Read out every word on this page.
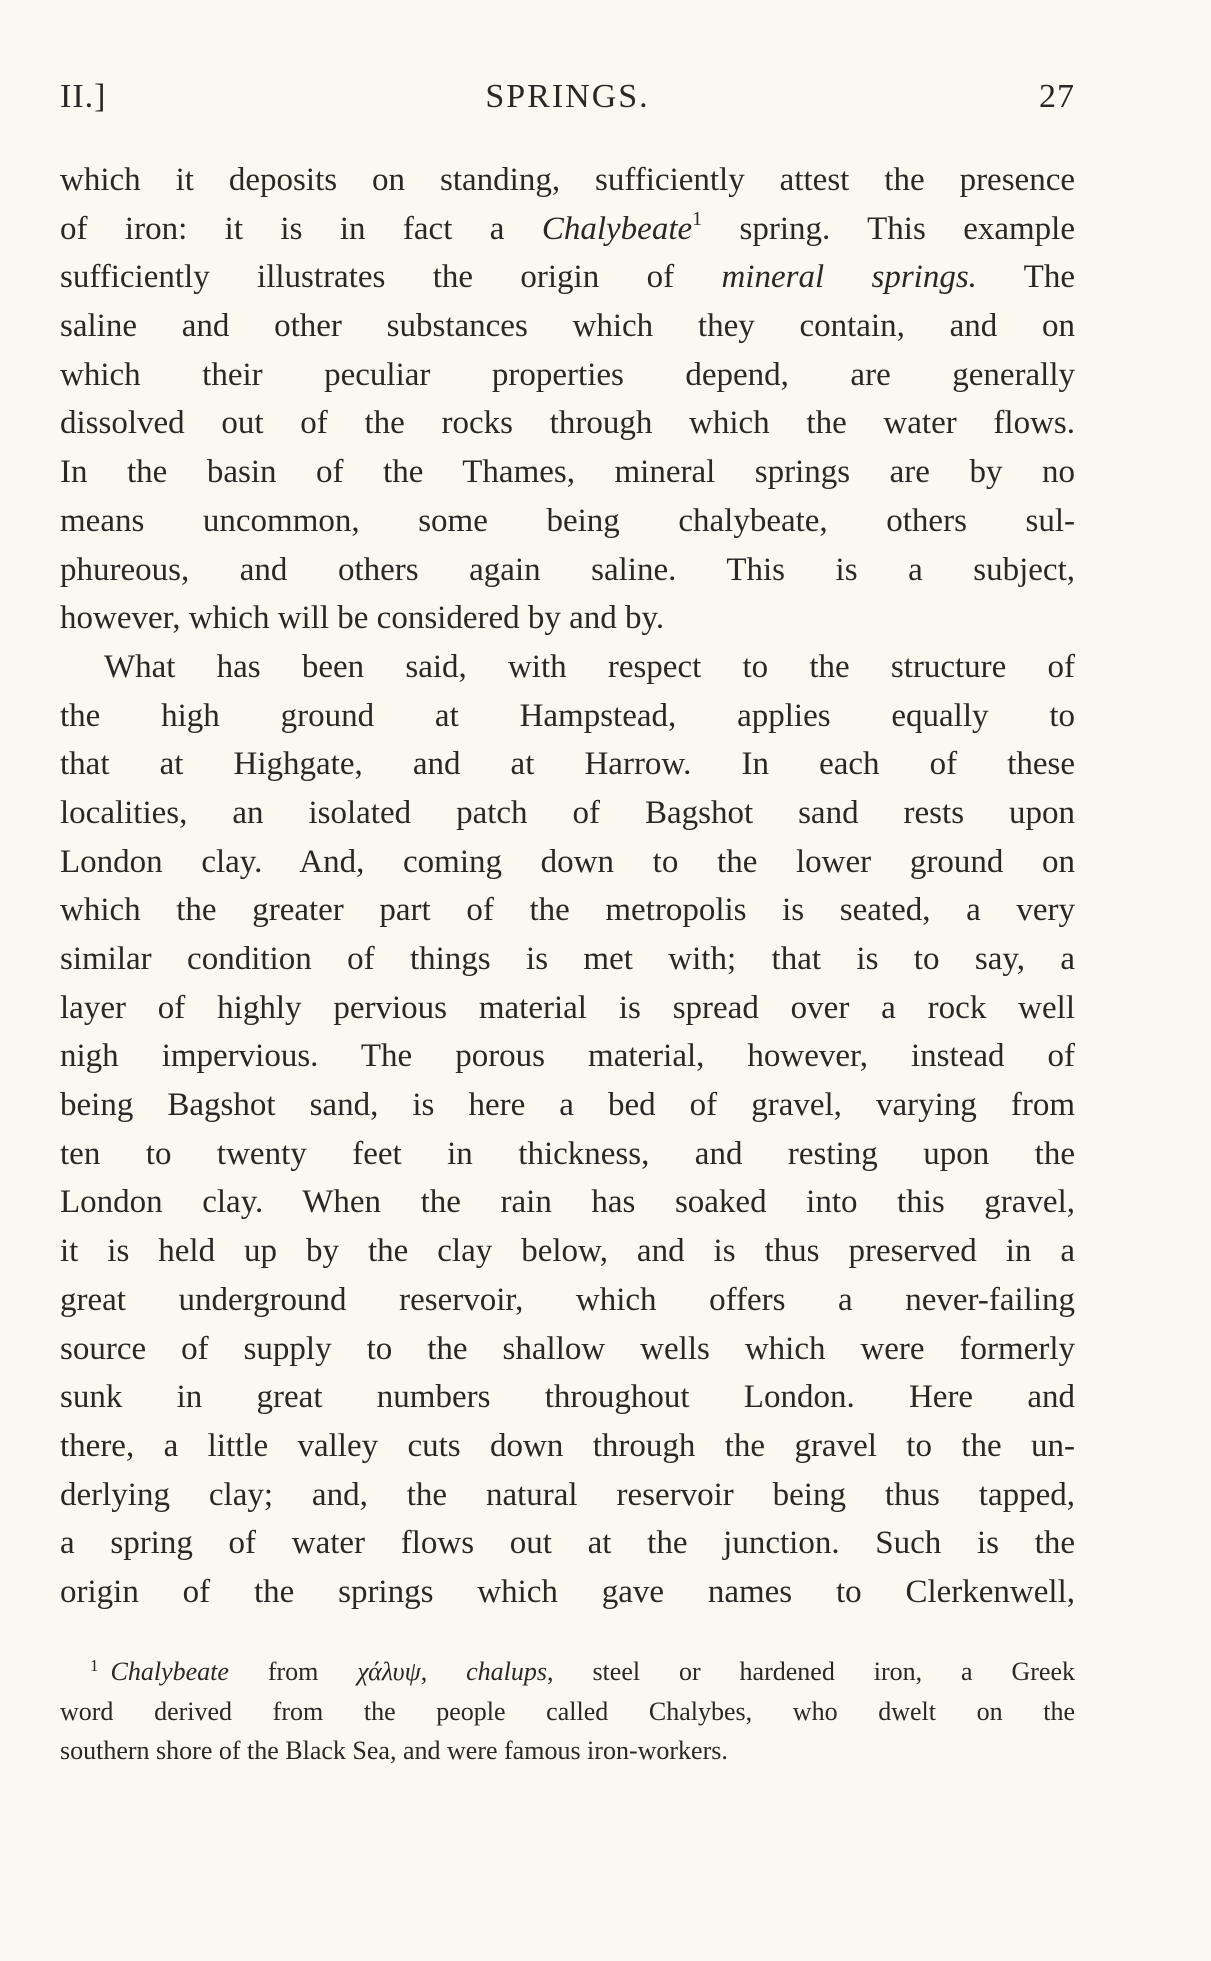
II.]	SPRINGS.	27
which it deposits on standing, sufficiently attest the presence
of iron: it is in fact a Chalybeate$^1$ spring. This example
sufficiently illustrates the origin of mineral springs. The
saline and other substances which they contain, and on
which their peculiar properties depend, are generally
dissolved out of the rocks through which the water flows.
In the basin of the Thames, mineral springs are by no
means uncommon, some being chalybeate, others sul-
phureous, and others again saline. This is a subject,
however, which will be considered by and by.
What has been said, with respect to the structure of
the high ground at Hampstead, applies equally to
that at Highgate, and at Harrow. In each of these
localities, an isolated patch of Bagshot sand rests upon
London clay. And, coming down to the lower ground on
which the greater part of the metropolis is seated, a very
similar condition of things is met with; that is to say, a
layer of highly pervious material is spread over a rock well
nigh impervious. The porous material, however, instead of
being Bagshot sand, is here a bed of gravel, varying from
ten to twenty feet in thickness, and resting upon the
London clay. When the rain has soaked into this gravel,
it is held up by the clay below, and is thus preserved in a
great underground reservoir, which offers a never-failing
source of supply to the shallow wells which were formerly
sunk in great numbers throughout London. Here and
there, a little valley cuts down through the gravel to the un-
derlying clay; and, the natural reservoir being thus tapped,
a spring of water flows out at the junction. Such is the
origin of the springs which gave names to Clerkenwell,
$^1$ Chalybeate from χάλυψ, chalups, steel or hardened iron, a Greek
word derived from the people called Chalybes, who dwelt on the
southern shore of the Black Sea, and were famous iron-workers.
